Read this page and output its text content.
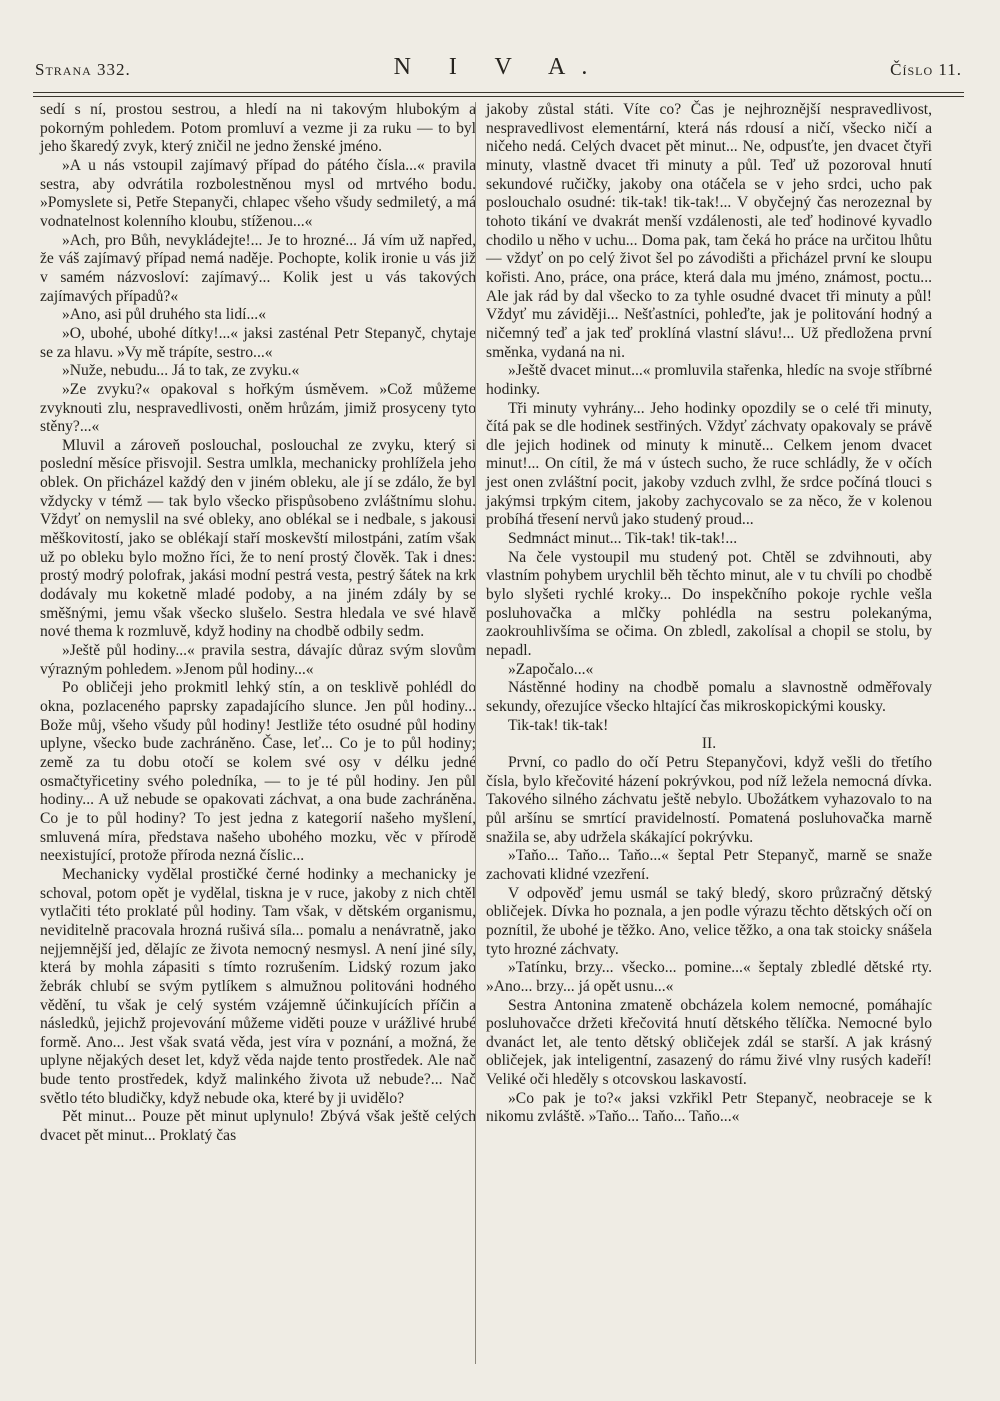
Strana 332.	N I V A.	Číslo 11.

sedí s ní, prostou sestrou, a hledí na ni takovým hlubokým a pokorným pohledem. Potom promluví a vezme ji za ruku — to byl jeho škaredý zvyk, který zničil ne jedno ženské jméno.

»A u nás vstoupil zajímavý případ do pátého čísla...« pravila sestra, aby odvrátila rozbolestněnou mysl od mrtvého bodu. »Pomyslete si, Petře Stepanyči, chlapec všeho všudy sedmiletý, a má vodnatelnost kolenního kloubu, stíženou...«

»Ach, pro Bůh, nevykládejte!... Je to hrozné... Já vím už napřed, že váš zajímavý případ nemá naděje. Pochopte, kolik ironie u vás již v samém názvosloví: zajímavý... Kolik jest u vás takových zajímavých případů?«

»Ano, asi půl druhého sta lidí...«

»O, ubohé, ubohé dítky!...« jaksi zasténal Petr Stepanyč, chytaje se za hlavu. »Vy mě trápíte, sestro...«

»Nuže, nebudu... Já to tak, ze zvyku.«

»Ze zvyku?« opakoval s hořkým úsměvem. »Což můžeme zvyknouti zlu, nespravedlivosti, oněm hrůzám, jimiž prosyceny tyto stěny?...«

Mluvil a zároveň poslouchal, poslouchal ze zvyku, který si poslední měsíce přisvojil. Sestra umlkla, mechanicky prohlížela jeho oblek. On přicházel každý den v jiném obleku, ale jí se zdálo, že byl vždycky v témž — tak bylo všecko přispůsobeno zvláštnímu slohu. Vždyť on nemyslil na své obleky, ano oblékal se i nedbale, s jakousi měškovitostí, jako se oblékají staří moskevští milostpáni, zatím však už po obleku bylo možno říci, že to není prostý člověk. Tak i dnes: prostý modrý polofrak, jakási modní pestrá vesta, pestrý šátek na krk dodávaly mu koketně mladé podoby, a na jiném zdály by se směšnými, jemu však všecko slušelo. Sestra hledala ve své hlavě nové thema k rozmluvě, když hodiny na chodbě odbily sedm.

»Ještě půl hodiny...« pravila sestra, dávajíc důraz svým slovům výrazným pohledem. »Jenom půl hodiny...«

Po obličeji jeho prokmitl lehký stín, a on tesklivě pohlédl do okna, pozlaceného paprsky zapadajícího slunce. Jen půl hodiny... Bože můj, všeho všudy půl hodiny! Jestliže této osudné půl hodiny uplyne, všecko bude zachráněno. Čase, leť... Co je to půl hodiny; země za tu dobu otočí se kolem své osy v délku jedné osmačtyřicetiny svého poledníka, — to je té půl hodiny. Jen půl hodiny... A už nebude se opakovati záchvat, a ona bude zachráněna. Co je to půl hodiny? To jest jedna z kategorií našeho myšlení, smluvená míra, představa našeho ubohého mozku, věc v přírodě neexistující, protože příroda nezná číslic...

Mechanicky vydělal prostičké černé hodinky a mechanicky je schoval, potom opět je vydělal, tiskna je v ruce, jakoby z nich chtěl vytlačiti této proklaté půl hodiny. Tam však, v dětském organismu, neviditelně pracovala hrozná rušivá síla... pomalu a nenávratně, jako nejjemnější jed, dělajíc ze života nemocný nesmysl. A není jiné síly, která by mohla zápasiti s tímto rozrušením. Lidský rozum jako žebrák chlubí se svým pytlíkem s almužnou politováni hodného vědění, tu však je celý systém vzájemně účinkujících příčin a následků, jejichž projevování můžeme viděti pouze v urážlivé hrubé formě. Ano... Jest však svatá věda, jest víra v poznání, a možná, že uplyne nějakých deset let, když věda najde tento prostředek. Ale nač bude tento prostředek, když malinkého života už nebude?... Nač světlo této bludičky, když nebude oka, které by ji uvidělo?

Pět minut... Pouze pět minut uplynulo! Zbývá však ještě celých dvacet pět minut... Proklatý čas

jakoby zůstal státi. Víte co? Čas je nejhroznější nespravedlivost, nespravedlivost elementární, která nás rdousí a ničí, všecko ničí a ničeho nedá. Celých dvacet pět minut... Ne, odpusťte, jen dvacet čtyři minuty, vlastně dvacet tři minuty a půl. Teď už pozoroval hnutí sekundové ručičky, jakoby ona otáčela se v jeho srdci, ucho pak poslouchalo osudné: tik-tak! tik-tak!... V obyčejný čas nerozeznal by tohoto tikání ve dvakrát menší vzdálenosti, ale teď hodinové kyvadlo chodilo u něho v uchu... Doma pak, tam čeká ho práce na určitou lhůtu — vždyť on po celý život šel po závodišti a přicházel první ke sloupu kořisti. Ano, práce, ona práce, která dala mu jméno, známost, poctu... Ale jak rád by dal všecko to za tyhle osudné dvacet tři minuty a půl! Vždyť mu záviději... Nešťastníci, pohleďte, jak je politování hodný a ničemný teď a jak teď proklíná vlastní slávu!... Už předložena první směnka, vydaná na ni.

»Ještě dvacet minut...« promluvila stařenka, hledíc na svoje stříbrné hodinky.

Tři minuty vyhrány... Jeho hodinky opozdily se o celé tři minuty, čítá pak se dle hodinek sestřiných. Vždyť záchvaty opakovaly se právě dle jejich hodinek od minuty k minutě... Celkem jenom dvacet minut!... On cítil, že má v ústech sucho, že ruce schládly, že v očích jest onen zvláštní pocit, jakoby vzduch zvlhl, že srdce počíná tlouci s jakýmsi trpkým citem, jakoby zachycovalo se za něco, že v kolenou probíhá třesení nervů jako studený proud...

Sedmnáct minut... Tik-tak! tik-tak!...

Na čele vystoupil mu studený pot. Chtěl se zdvihnouti, aby vlastním pohybem urychlil běh těchto minut, ale v tu chvíli po chodbě bylo slyšeti rychlé kroky... Do inspekčního pokoje rychle vešla posluhovačka a mlčky pohlédla na sestru polekanýma, zaokrouhlivšíma se očima. On zbledl, zakolísal a chopil se stolu, by nepadl.

»Započalo...«

Nástěnné hodiny na chodbě pomalu a slavnostně odměřovaly sekundy, ořezujíce všecko hltající čas mikroskopickými kousky.

Tik-tak! tik-tak!

II.

První, co padlo do očí Petru Stepanyčovi, když vešli do třetího čísla, bylo křečovité házení pokrývkou, pod níž ležela nemocná dívka. Takového silného záchvatu ještě nebylo. Ubožátkem vyhazovalo to na půl aršínu se smrtící pravidelností. Pomatená posluhovačka marně snažila se, aby udržela skákající pokrývku.

»Taňo... Taňo... Taňo...« šeptal Petr Stepanyč, marně se snaže zachovati klidné vzezření.

V odpověď jemu usmál se taký bledý, skoro průzračný dětský obličejek. Dívka ho poznala, a jen podle výrazu těchto dětských očí on poznítil, že ubohé je těžko. Ano, velice těžko, a ona tak stoicky snášela tyto hrozné záchvaty.

»Tatínku, brzy... všecko... pomine...« šeptaly zbledlé dětské rty. »Ano... brzy... já opět usnu...«

Sestra Antonina zmateně obcházela kolem nemocné, pomáhajíc posluhovačce držeti křečovitá hnutí dětského tělíčka. Nemocné bylo dvanáct let, ale tento dětský obličejek zdál se starší. A jak krásný obličejek, jak inteligentní, zasazený do rámu živé vlny rusých kadeří! Veliké oči hleděly s otcovskou laskavostí.

»Co pak je to?« jaksi vzkřikl Petr Stepanyč, neobraceje se k nikomu zvláště. »Taňo... Taňo... Taňo...«
